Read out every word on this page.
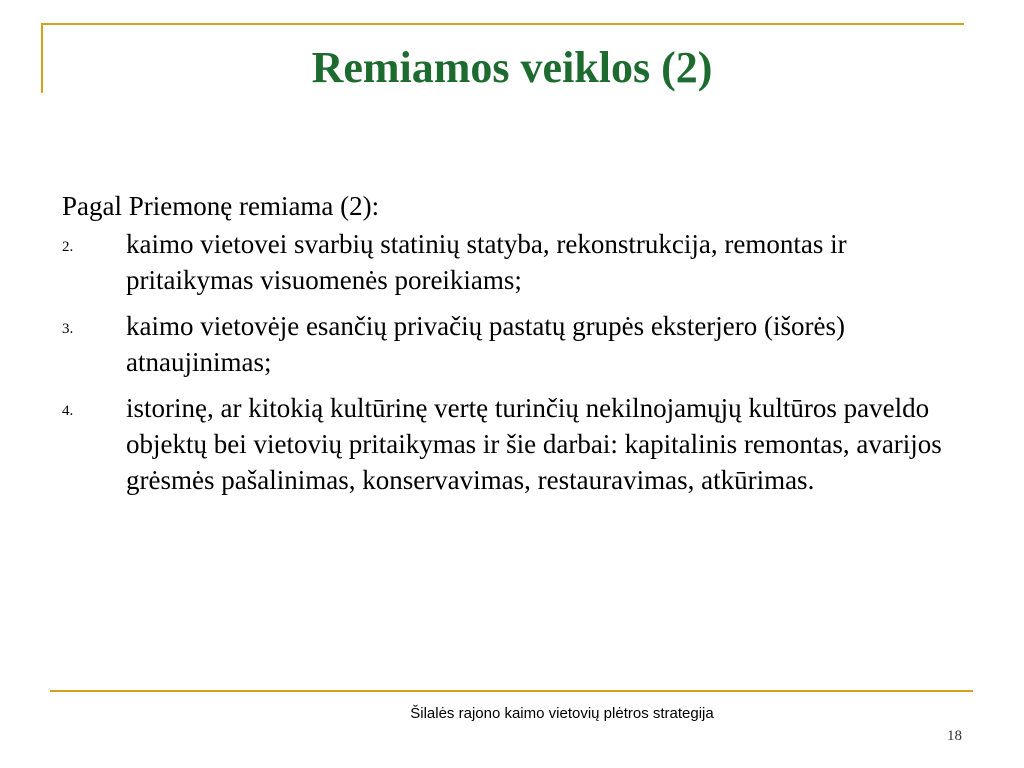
Remiamos veiklos (2)

Pagal Priemonę remiama (2):

2.	kaimo vietovei svarbių statinių statyba, rekonstrukcija, remontas ir pritaikymas visuomenės poreikiams;
3.	kaimo vietovėje esančių privačių pastatų grupės eksterjero (išorės) atnaujinimas;
4.	istorinę, ar kitokią kultūrinę vertę turinčių nekilnojamųjų kultūros paveldo objektų bei vietovių pritaikymas ir šie darbai: kapitalinis remontas, avarijos grėsmės pašalinimas, konservavimas, restauravimas, atkūrimas.
Šilalės rajono kaimo vietovių plėtros strategija
18
